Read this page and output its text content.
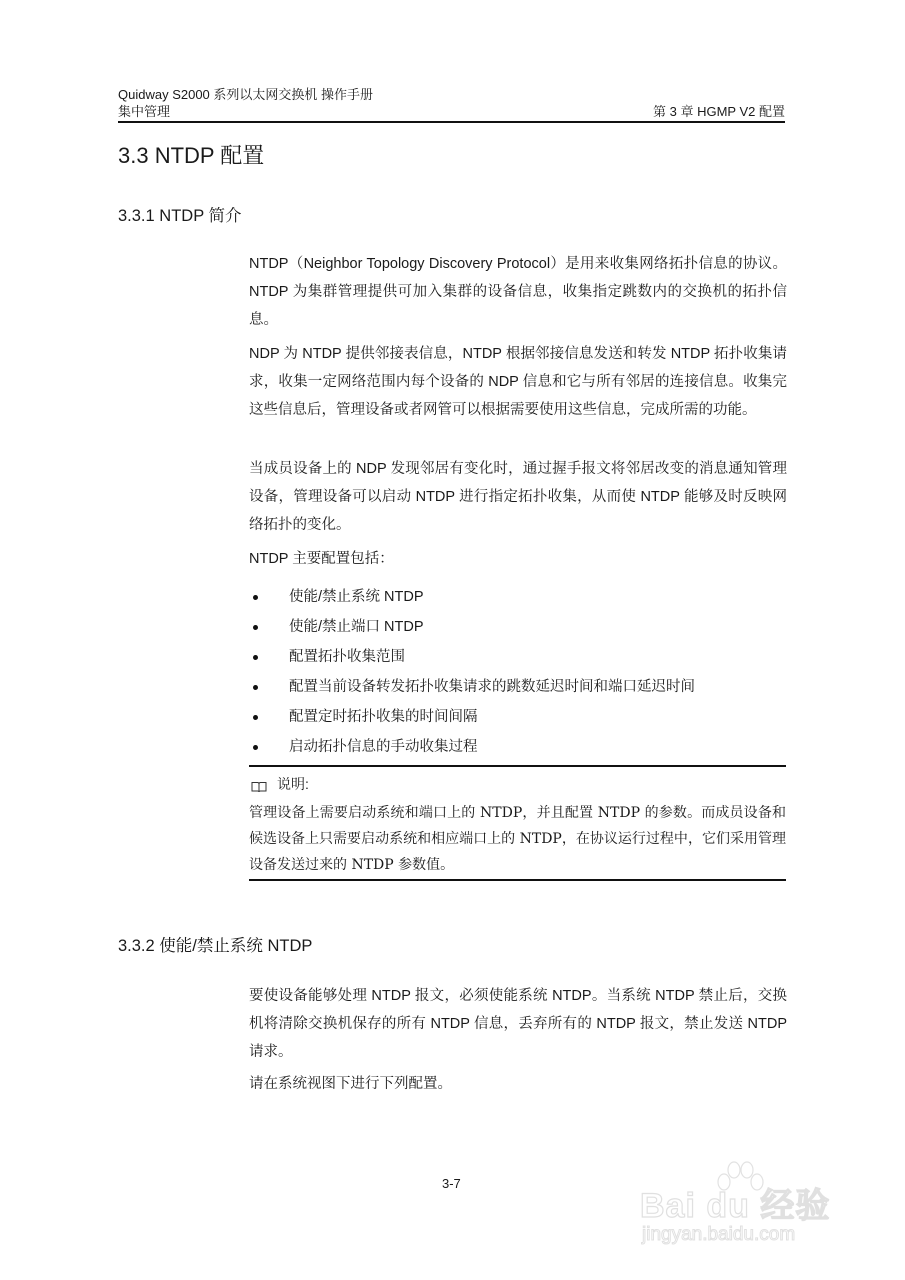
Quidway S2000 系列以太网交换机 操作手册
集中管理	第 3 章 HGMP V2 配置
3.3 NTDP 配置
3.3.1 NTDP 简介

NTDP（Neighbor Topology Discovery Protocol）是用来收集网络拓扑信息的协议。NTDP 为集群管理提供可加入集群的设备信息，收集指定跳数内的交换机的拓扑信息。

NDP 为 NTDP 提供邻接表信息，NTDP 根据邻接信息发送和转发 NTDP 拓扑收集请求，收集一定网络范围内每个设备的 NDP 信息和它与所有邻居的连接信息。收集完这些信息后，管理设备或者网管可以根据需要使用这些信息，完成所需的功能。

当成员设备上的 NDP 发现邻居有变化时，通过握手报文将邻居改变的消息通知管理设备，管理设备可以启动 NTDP 进行指定拓扑收集，从而使 NTDP 能够及时反映网络拓扑的变化。

NTDP 主要配置包括：

使能/禁止系统 NTDP
使能/禁止端口 NTDP
配置拓扑收集范围
配置当前设备转发拓扑收集请求的跳数延迟时间和端口延迟时间
配置定时拓扑收集的时间间隔
启动拓扑信息的手动收集过程
说明:

管理设备上需要启动系统和端口上的 NTDP，并且配置 NTDP 的参数。而成员设备和候选设备上只需要启动系统和相应端口上的 NTDP，在协议运行过程中，它们采用管理设备发送过来的 NTDP 参数值。

3.3.2 使能/禁止系统 NTDP

要使设备能够处理 NTDP 报文，必须使能系统 NTDP。当系统 NTDP 禁止后，交换机将清除交换机保存的所有 NTDP 信息，丢弃所有的 NTDP 报文，禁止发送 NTDP 请求。

请在系统视图下进行下列配置。

3-7
Bai du 经验
jingyan.baidu.com
